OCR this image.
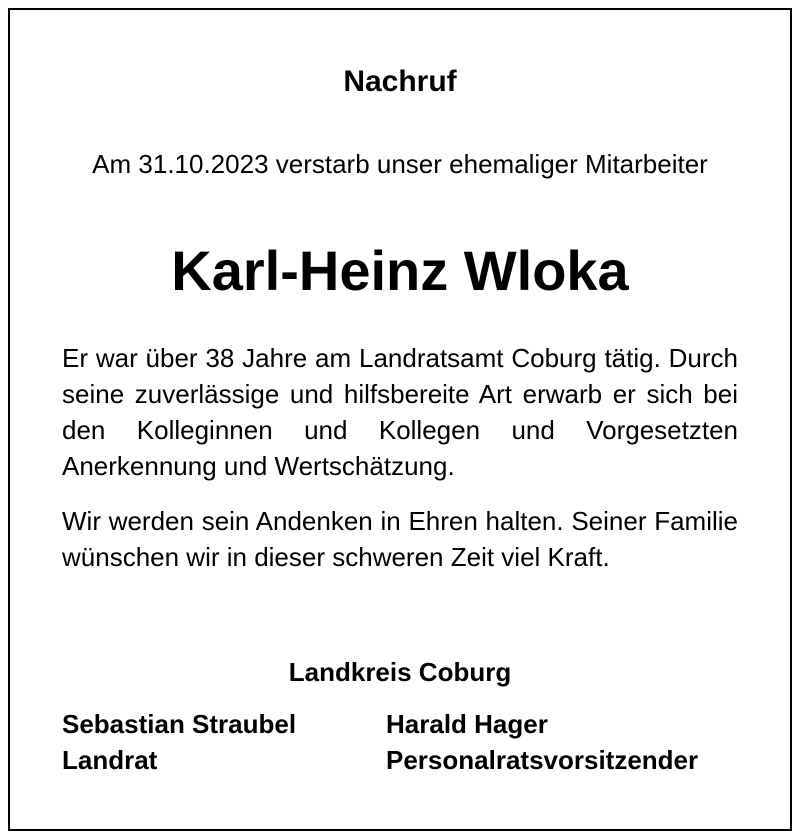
Nachruf
Am 31.10.2023 verstarb unser ehemaliger Mitarbeiter
Karl-Heinz Wloka
Er war über 38 Jahre am Landratsamt Coburg tätig. Durch seine zuverlässige und hilfsbereite Art erwarb er sich bei den Kolleginnen und Kollegen und Vorgesetzten Anerkennung und Wertschätzung.
Wir werden sein Andenken in Ehren halten. Seiner Familie wünschen wir in dieser schweren Zeit viel Kraft.
Landkreis Coburg
Sebastian Straubel
Landrat
Harald Hager
Personalratsvorsitzender
